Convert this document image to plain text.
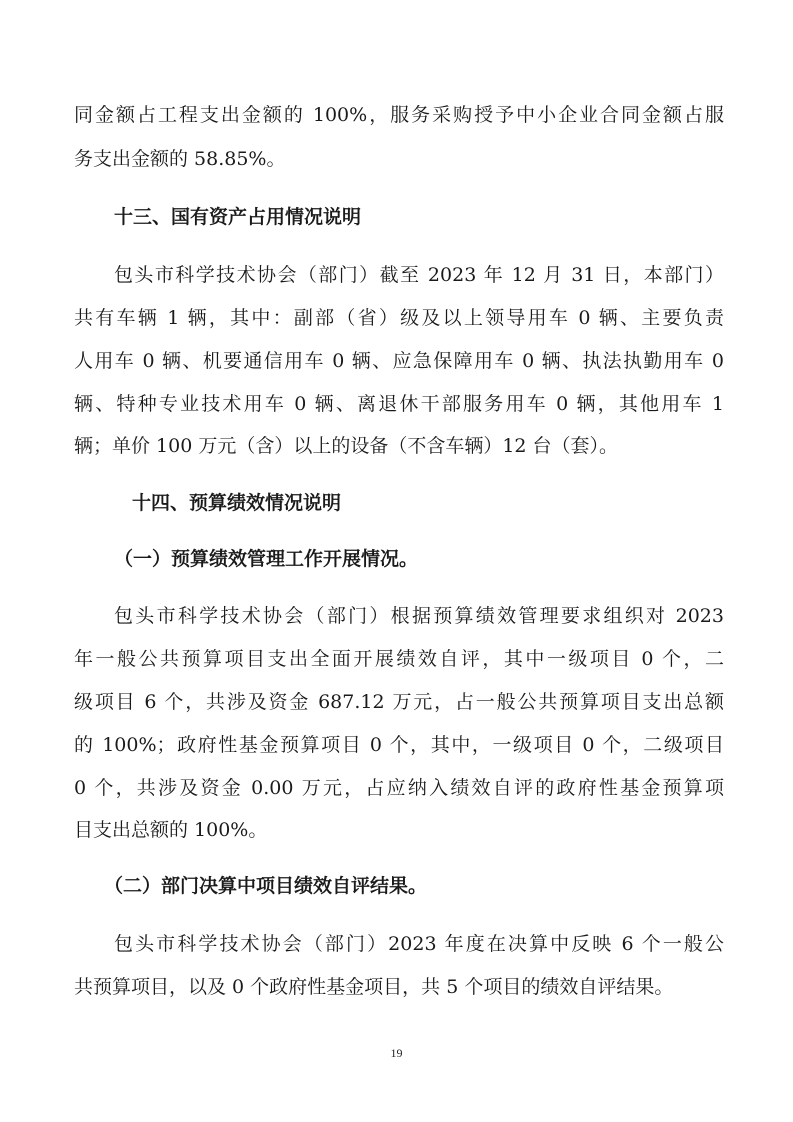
同金额占工程支出金额的 100%，服务采购授予中小企业合同金额占服
务支出金额的 58.85%。
十三、国有资产占用情况说明
包头市科学技术协会（部门）截至 2023 年 12 月 31 日，本部门）
共有车辆 1 辆，其中：副部（省）级及以上领导用车 0 辆、主要负责
人用车 0 辆、机要通信用车 0 辆、应急保障用车 0 辆、执法执勤用车 0
辆、特种专业技术用车 0 辆、离退休干部服务用车 0 辆，其他用车 1
辆；单价 100 万元（含）以上的设备（不含车辆）12 台（套）。
十四、预算绩效情况说明
（一）预算绩效管理工作开展情况。
包头市科学技术协会（部门）根据预算绩效管理要求组织对 2023
年一般公共预算项目支出全面开展绩效自评，其中一级项目 0 个，二
级项目 6 个，共涉及资金 687.12 万元，占一般公共预算项目支出总额
的 100%；政府性基金预算项目 0 个，其中，一级项目 0 个，二级项目
0 个，共涉及资金 0.00 万元，占应纳入绩效自评的政府性基金预算项
目支出总额的 100%。
（二）部门决算中项目绩效自评结果。
包头市科学技术协会（部门）2023 年度在决算中反映 6 个一般公
共预算项目，以及 0 个政府性基金项目，共 5 个项目的绩效自评结果。
19
